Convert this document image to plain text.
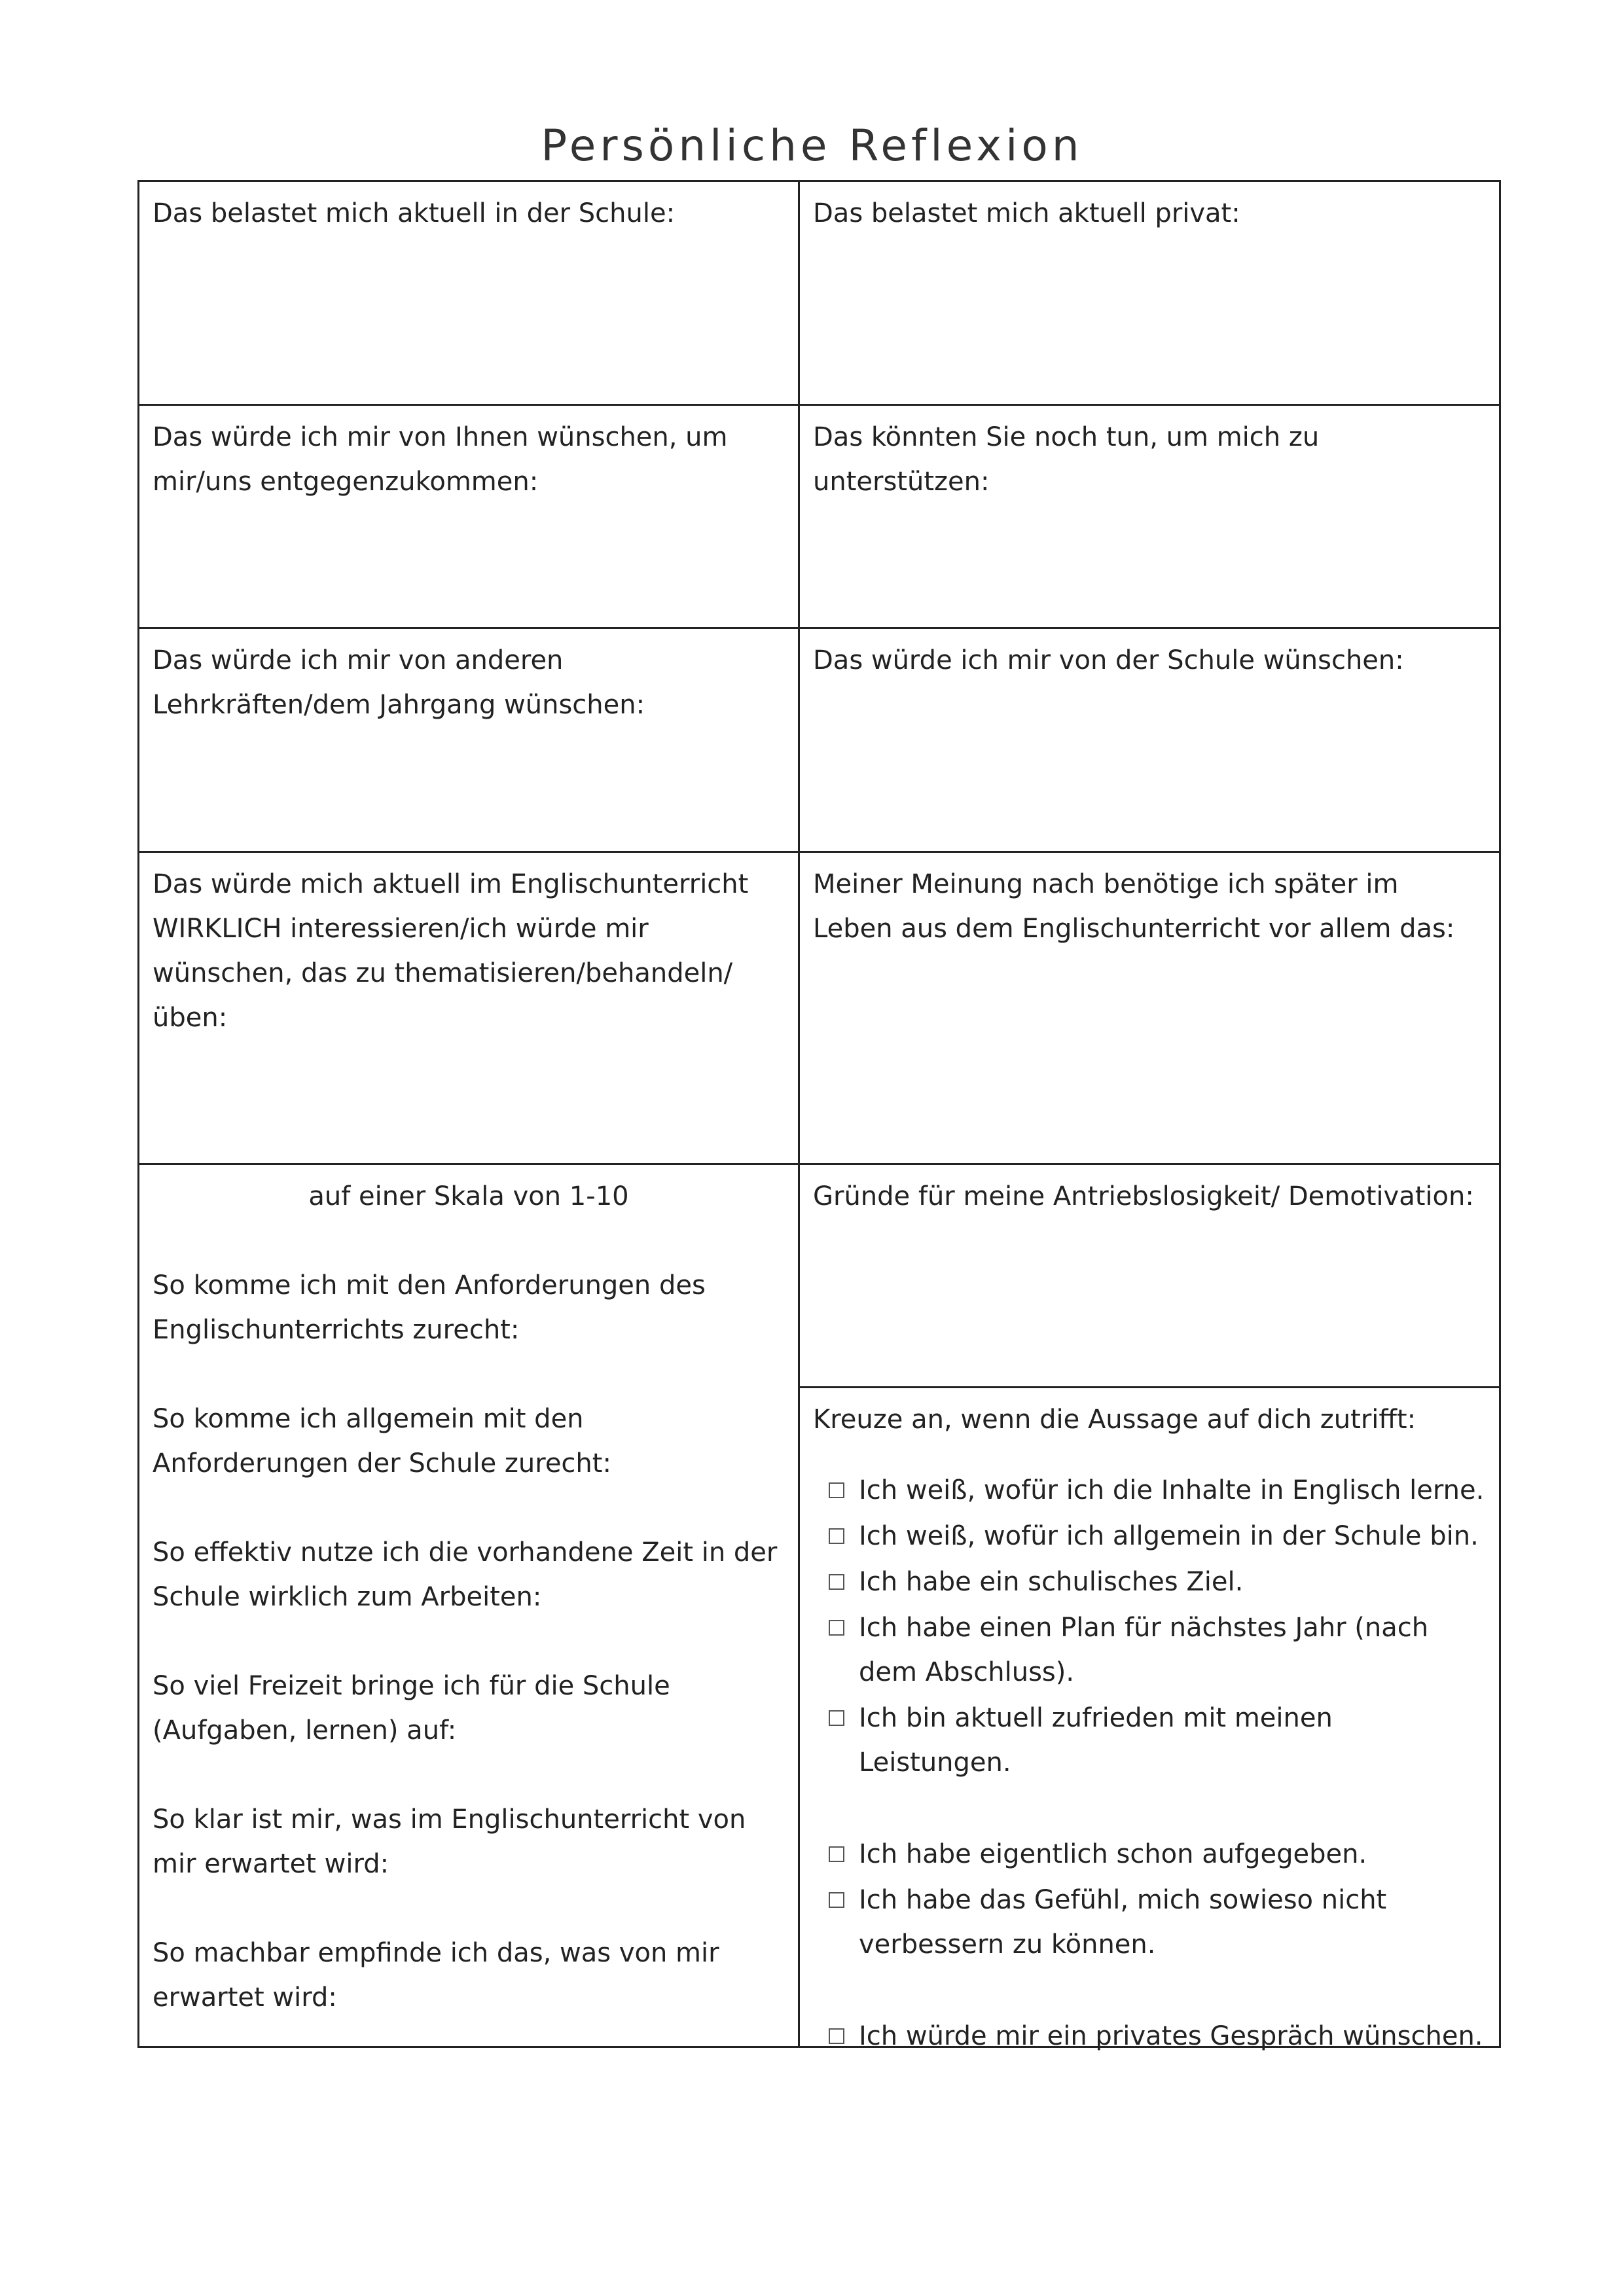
Persönliche Reflexion
Das belastet mich aktuell in der Schule:	Das belastet mich aktuell privat:
Das würde ich mir von Ihnen wünschen, um mir/uns entgegenzukommen:
Das könnten Sie noch tun, um mich zu unterstützen:
Das würde ich mir von anderen Lehrkräften/dem Jahrgang wünschen:
Das würde ich mir von der Schule wünschen:
Das würde mich aktuell im Englischunterricht WIRKLICH interessieren/ich würde mir wünschen, das zu thematisieren/behandeln/üben:
Meiner Meinung nach benötige ich später im Leben aus dem Englischunterricht vor allem das:
auf einer Skala von 1-10
So komme ich mit den Anforderungen des Englischunterrichts zurecht:
So komme ich allgemein mit den Anforderungen der Schule zurecht:
So effektiv nutze ich die vorhandene Zeit in der Schule wirklich zum Arbeiten:
So viel Freizeit bringe ich für die Schule (Aufgaben, lernen) auf:
So klar ist mir, was im Englischunterricht von mir erwartet wird:
So machbar empfinde ich das, was von mir erwartet wird:
Gründe für meine Antriebslosigkeit/ Demotivation:
Kreuze an, wenn die Aussage auf dich zutrifft:
Ich weiß, wofür ich die Inhalte in Englisch lerne.
Ich weiß, wofür ich allgemein in der Schule bin.
Ich habe ein schulisches Ziel.
Ich habe einen Plan für nächstes Jahr (nach dem Abschluss).
Ich bin aktuell zufrieden mit meinen Leistungen.
Ich habe eigentlich schon aufgegeben.
Ich habe das Gefühl, mich sowieso nicht verbessern zu können.
Ich würde mir ein privates Gespräch wünschen.
